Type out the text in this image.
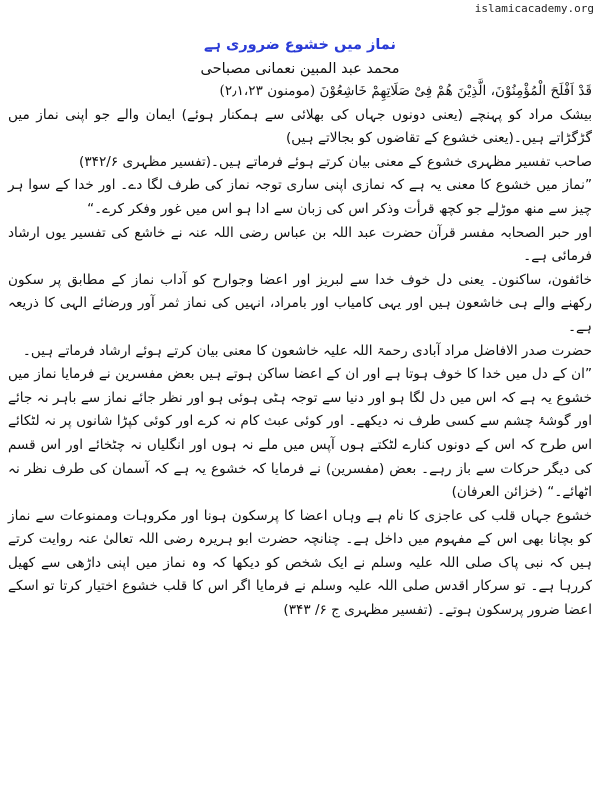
islamicacademy.org
نماز میں خشوع ضروری ہے
محمد عبد المبین نعمانی مصباحی

قَدْ اَفْلَحَ الْمُؤْمِنُوْنَ، الَّذِیْنَ ھُمْ فِیْ صَلَاتِھِمْ خَاشِعُوْنَ (مومنون ۲٫۱،۲۳)

بیشک مراد کو پہنچے (یعنی دونوں جہاں کی بھلائی سے ہمکنار ہوئے) ایمان والے جو اپنی نماز میں گڑگڑاتے ہیں۔(یعنی خشوع کے تقاضوں کو بجالاتے ہیں)

صاحب تفسیر مظہری خشوع کے معنی بیان کرتے ہوئے فرماتے ہیں۔(تفسیر مظہری ۳۴۲/۶)

”نماز میں خشوع کا معنی یہ ہے کہ نمازی اپنی ساری توجہ نماز کی طرف لگا دے۔ اور خدا کے سوا ہر چیز سے منھ موڑلے جو کچھ قرأت وذکر اس کی زبان سے ادا ہو اس میں غور وفکر کرے۔“

اور حبر الصحابہ مفسر قرآن حضرت عبد اللہ بن عباس رضی اللہ عنہ نے خاشع کی تفسیر یوں ارشاد فرمائی ہے۔

خائفون، ساکنون۔ یعنی دل خوف خدا سے لبریز اور اعضا وجوارح کو آداب نماز کے مطابق پر سکون رکھنے والے ہی خاشعون ہیں اور یہی کامیاب اور بامراد، انہیں کی نماز ثمر آور ورضائے الہی کا ذریعہ ہے۔

حضرت صدر الافاضل مراد آبادی رحمۃ اللہ علیہ خاشعون کا معنی بیان کرتے ہوئے ارشاد فرماتے ہیں۔

”ان کے دل میں خدا کا خوف ہوتا ہے اور ان کے اعضا ساکن ہوتے ہیں بعض مفسرین نے فرمایا نماز میں خشوع یہ ہے کہ اس میں دل لگا ہو اور دنیا سے توجہ ہٹی ہوئی ہو اور نظر جائے نماز سے باہر نہ جائے اور گوشۂ چشم سے کسی طرف نہ دیکھے۔ اور کوئی عبث کام نہ کرے اور کوئی کپڑا شانوں پر نہ لٹکائے اس طرح کہ اس کے دونوں کنارے لٹکتے ہوں آپس میں ملے نہ ہوں اور انگلیاں نہ چٹخائے اور اس قسم کی دیگر حرکات سے باز رہے۔ بعض (مفسرین) نے فرمایا کہ خشوع یہ ہے کہ آسمان کی طرف نظر نہ اٹھائے۔“ (خزائن العرفان)

خشوع جہاں قلب کی عاجزی کا نام ہے وہاں اعضا کا پرسکون ہونا اور مکروہات وممنوعات سے نماز کو بچانا بھی اس کے مفہوم میں داخل ہے۔ چنانچہ حضرت ابو ہریرہ رضی اللہ تعالیٰ عنہ روایت کرتے ہیں کہ نبی پاک صلی اللہ علیہ وسلم نے ایک شخص کو دیکھا کہ وہ نماز میں اپنی داڑھی سے کھیل کررہا ہے۔ تو سرکار اقدس صلی اللہ علیہ وسلم نے فرمایا اگر اس کا قلب خشوع اختیار کرتا تو اسکے اعضا ضرور پرسکون ہوتے۔ (تفسیر مظہری ج ۶/ ۳۴۳)
